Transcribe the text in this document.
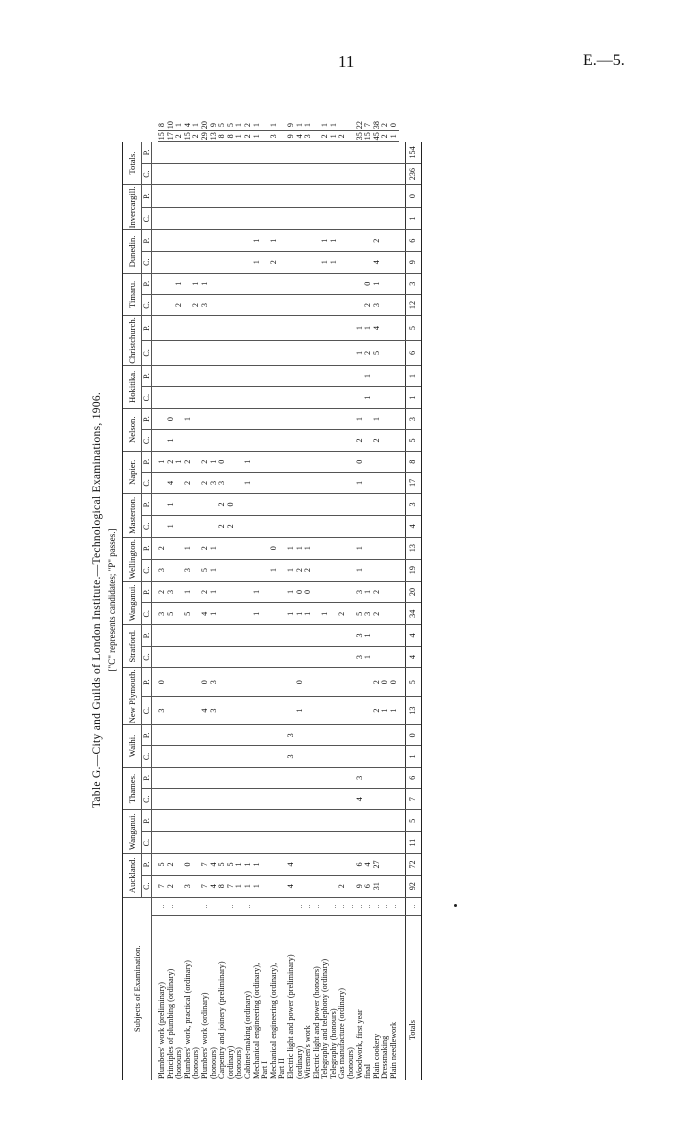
11	E.—5.
Table G.—City and Guilds of London Institute.—Technological Examinations, 1906. ["C" represents candidates; "P" passes.]
Subjects of Examination.		Auckland.		Wanganui.		Thames.		Waihi.		New Plymouth.		Stratford.		Wanganui.		Wellington.		Masterton.		Napier.		Nelson.		Hokitika.		Christchurch.		Timaru.		Dunedin.		Invercargill.		Totals.			
		C.	P.	C.	P.	C.	P.	C.	P.	C.	P.	C.	P.	C.	P.	C.	P.	C.	P.	C.	P.	C.	P.	C.	P.	C.	P.	C.	P.	C.	P.	C.	P.	C.	P.		

Plumbers' work (preliminary)	..	7	5							3	0			3	2	3	2				1															15	8
Principles of plumbing (ordinary)	..	2	2											5	3			1	1	4	2	1	0													17	10
(honours)																					1							2	1							2	1
Plumbers' work, practical (ordinary)		3	0											5	1	3	1			2	2		1													15	4
(honours)																												2	1							2	1
Plumbers' work (ordinary)	..	7	7							4	0			4	2	5	2			2	2							3	1							29	20
(honours)		4	4							3	3			1	1	1	1			3	1															13	9
Carpentry and joinery (preliminary)		8	5															2	2	3	0															8	5
(ordinary)	..	7	5															2	0																	8	5
(honours)		1	1																																	1	1
Cabinet-making (ordinary)	..	1	1																	1	1															2	2
Mechanical engineering (ordinary),		1	1											1	1															1	1					1	1
Part I																																					
Mechanical engineering (ordinary),																1	0													2	1					3	1
Part II																																					
Electric light and power (preliminary)		4	4					3	3					1	1	1	1																			9	9
(ordinary)	..									1	0			1	0	2	1																			4	1
Wiremen's work	..													1	0	2	1																			3	1
Electric light and power (honours)	..																																				
Telegraphy and telephony (ordinary)														1																1	1					2	1
Telegraphy (honours)	..																													1	1					1	1
Gas manufacture (ordinary)	..	2												2																						2	
(honours)	..																																				
Woodwork, first year	..	9	6			4	3					3	3	5	3	1	1			1	0	2	1			1	1									35	22
final	..	6	4									1	1	3	1									1	1	2	1	2	0							15	7
Plain cookery	..	31	27							2	2			2	2							2	1			5	4	3	1	4	2					45	38
Dressmaking	..									1	0																									2	2
Plain needlework	..									1	0																									1	0

Totals	..	92	72	11	5	7	6	1	0	13	5	4	4	34	20	19	13	4	3	17	8	5	3	1	1	6	5	12	3	9	6	1	0	236	154		
